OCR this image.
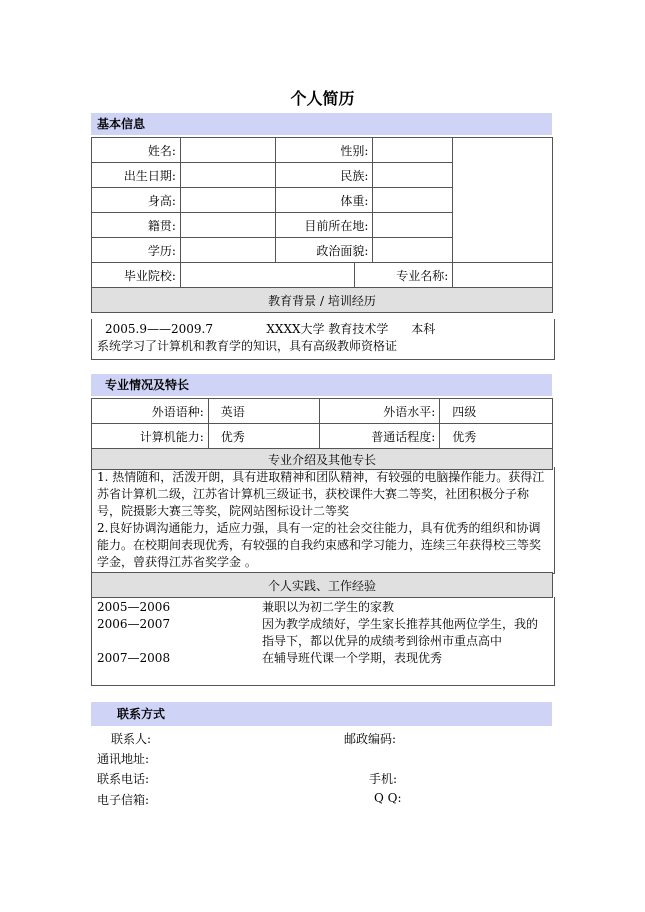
个人简历
基本信息
姓名:		性别:			
出生日期:		民族:			
身高:		体重:			
籍贯:		目前所在地:			
学历:		政治面貌:			
毕业院校:			专业名称:		
教育背景 / 培训经历					
2005.9——2009.7              XXXX大学 教育技术学      本科
系统学习了计算机和教育学的知识，具有高级教师资格证
专业情况及特长
外语语种:	英语	外语水平:	四级
计算机能力:	优秀	普通话程度:	优秀
专业介绍及其他专长			
1. 热情随和，活泼开朗，具有进取精神和团队精神，有较强的电脑操作能力。获得江苏省计算机二级，江苏省计算机三级证书，获校课件大赛二等奖，社团积极分子称号，院摄影大赛三等奖，院网站图标设计二等奖
2.良好协调沟通能力，适应力强，具有一定的社会交往能力，具有优秀的组织和协调能力。在校期间表现优秀，有较强的自我约束感和学习能力，连续三年获得校三等奖学金，曾获得江苏省奖学金 。
个人实践、工作经验
2005—2006	兼职以为初二学生的家教
2006—2007	因为教学成绩好，学生家长推荐其他两位学生，我的指导下，都以优异的成绩考到徐州市重点高中
2007—2008	在辅导班代课一个学期，表现优秀
联系方式
联系人:	邮政编码:
通讯地址:
联系电话:	手机:
电子信箱:	Q Q:
